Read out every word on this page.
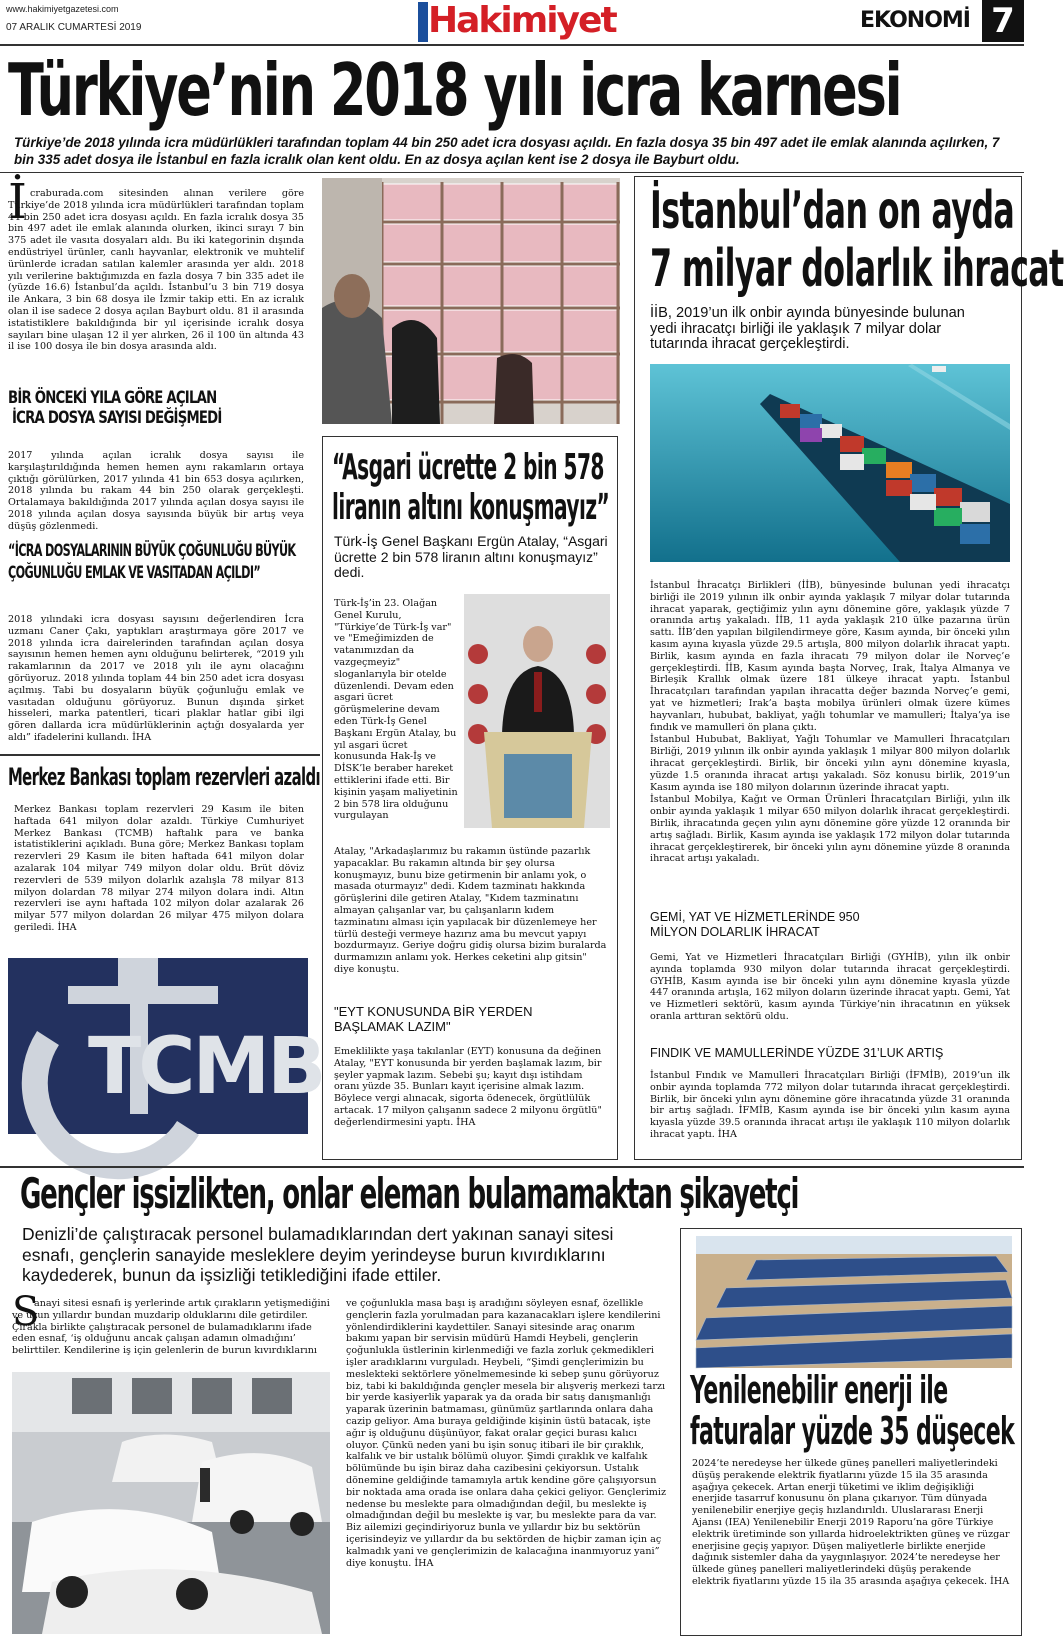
www.hakimiyetgazetesi.com
07 ARALIK CUMARTESİ 2019	Hakimiyet	EKONOMİ 7
Türkiye’nin 2018 yılı icra karnesi
Türkiye’de 2018 yılında icra müdürlükleri tarafından toplam 44 bin 250 adet icra dosyası açıldı. En fazla dosya 35 bin 497 adet ile emlak alanında açılırken, 7 bin 335 adet dosya ile İstanbul en fazla icralık olan kent oldu. En az dosya açılan kent ise 2 dosya ile Bayburt oldu.
İ craburada.com sitesinden alınan verilere göre Türkiye’de 2018 yılında icra müdürlükleri tarafından toplam 44 bin 250 adet icra dosyası açıldı. En fazla icralık dosya 35 bin 497 adet ile emlak alanında olurken, ikinci sırayı 7 bin 375 adet ile vasıta dosyaları aldı. Bu iki kategorinin dışında endüstriyel ürünler, canlı hayvanlar, elektronik ve muhtelif ürünlerde icradan satılan kalemler arasında yer aldı. 2018 yılı verilerine baktığımızda en fazla dosya 7 bin 335 adet ile (yüzde 16.6) İstanbul’da açıldı. İstanbul’u 3 bin 719 dosya ile Ankara, 3 bin 68 dosya ile İzmir takip etti. En az icralık olan il ise sadece 2 dosya açılan Bayburt oldu. 81 il arasında istatistiklere bakıldığında bir yıl içerisinde icralık dosya sayıları bine ulaşan 12 il yer alırken, 26 il 100 ün altında 43 il ise 100 dosya ile bin dosya arasında aldı.

BİR ÖNCEKİ YILA GÖRE AÇILAN
İCRA DOSYA SAYISI DEĞİŞMEDİ
2017 yılında açılan icralık dosya sayısı ile karşılaştırıldığında hemen hemen aynı rakamların ortaya çıktığı görülürken, 2017 yılında 41 bin 653 dosya açılırken, 2018 yılında bu rakam 44 bin 250 olarak gerçekleşti. Ortalamaya bakıldığında 2017 yılında açılan dosya sayısı ile 2018 yılında açılan dosya sayısında büyük bir artış veya düşüş gözlenmedi.
“İCRA DOSYALARININ BÜYÜK ÇOĞUNLUĞU BÜYÜK
ÇOĞUNLUĞU EMLAK VE VASITADAN AÇILDI”
2018 yılındaki icra dosyası sayısını değerlendiren İcra uzmanı Caner Çakı, yaptıkları araştırmaya göre 2017 ve 2018 yılında icra dairelerinden tarafından açılan dosya sayısının hemen hemen aynı olduğunu belirterek, “2019 yılı rakamlarının da 2017 ve 2018 yılı ile aynı olacağını görüyoruz. 2018 yılında toplam 44 bin 250 adet icra dosyası açılmış. Tabi bu dosyaların büyük çoğunluğu emlak ve vasıtadan olduğunu görüyoruz. Bunun dışında şirket hisseleri, marka patentleri, ticari plaklar hatlar gibi ilgi gören dallarda icra müdürlüklerinin açtığı dosyalarda yer aldı” ifadelerini kullandı. İHA
Merkez Bankası toplam rezervleri azaldı
Merkez Bankası toplam rezervleri 29 Kasım ile biten haftada 641 milyon dolar azaldı. Türkiye Cumhuriyet Merkez Bankası (TCMB) haftalık para ve banka istatistiklerini açıkladı. Buna göre; Merkez Bankası toplam rezervleri 29 Kasım ile biten haftada 641 milyon dolar azalarak 104 milyar 749 milyon dolar oldu. Brüt döviz rezervleri de 539 milyon dolarlık azalışla 78 milyar 813 milyon dolardan 78 milyar 274 milyon dolara indi. Altın rezervleri ise aynı haftada 102 milyon dolar azalarak 26 milyar 577 milyon dolardan 26 milyar 475 milyon dolara geriledi. İHA
TCMB
“Asgari ücrette 2 bin 578
liranın altını konuşmayız”
Türk-İş Genel Başkanı Ergün Atalay, “Asgari ücrette 2 bin 578 liranın altını konuşmayız” dedi.
Türk-İş’in 23. Olağan Genel Kurulu, "Türkiye’de Türk-İş var" ve "Emeğimizden de vatanımızdan da vazgeçmeyiz" sloganlarıyla bir otelde düzenlendi. Devam eden asgari ücret görüşmelerine devam eden Türk-İş Genel Başkanı Ergün Atalay, bu yıl asgari ücret konusunda Hak-İş ve DİSK’le beraber hareket ettiklerini ifade etti. Bir kişinin yaşam maliyetinin 2 bin 578 lira olduğunu vurgulayan
Atalay, "Arkadaşlarımız bu rakamın üstünde pazarlık yapacaklar. Bu rakamın altında bir şey olursa konuşmayız, bunu bize getirmenin bir anlamı yok, o masada oturmayız" dedi. Kıdem tazminatı hakkında görüşlerini dile getiren Atalay, "Kıdem tazminatını almayan çalışanlar var, bu çalışanların kıdem tazminatını alması için yapılacak bir düzenlemeye her türlü desteği vermeye hazırız ama bu mevcut yapıyı bozdurmayız. Geriye doğru gidiş olursa bizim buralarda durmamızın anlamı yok. Herkes ceketini alıp gitsin" diye konuştu.
"EYT KONUSUNDA BİR YERDEN BAŞLAMAK LAZIM"
Emeklilikte yaşa takılanlar (EYT) konusuna da değinen Atalay, "EYT konusunda bir yerden başlamak lazım, bir şeyler yapmak lazım. Sebebi şu; kayıt dışı istihdam oranı yüzde 35. Bunları kayıt içerisine almak lazım. Böylece vergi alınacak, sigorta ödenecek, örgütlülük artacak. 17 milyon çalışanın sadece 2 milyonu örgütlü" değerlendirmesini yaptı. İHA
İstanbul’dan on ayda
7 milyar dolarlık ihracat
İİB, 2019’un ilk onbir ayında bünyesinde bulunan yedi ihracatçı birliği ile yaklaşık 7 milyar dolar tutarında ihracat gerçekleştirdi.

İstanbul İhracatçı Birlikleri (İİB), bünyesinde bulunan yedi ihracatçı birliği ile 2019 yılının ilk onbir ayında yaklaşık 7 milyar dolar tutarında ihracat yaparak, geçtiğimiz yılın aynı dönemine göre, yaklaşık yüzde 7 oranında artış yakaladı. İİB, 11 ayda yaklaşık 210 ülke pazarına ürün sattı. İİB’den yapılan bilgilendirmeye göre, Kasım ayında, bir önceki yılın kasım ayına kıyasla yüzde 29.5 artışla, 800 milyon dolarlık ihracat yaptı. Birlik, kasım ayında en fazla ihracatı 79 milyon dolar ile Norveç’e gerçekleştirdi. İİB, Kasım ayında başta Norveç, Irak, İtalya Almanya ve Birleşik Krallık olmak üzere 181 ülkeye ihracat yaptı. İstanbul İhracatçıları tarafından yapılan ihracatta değer bazında Norveç’e gemi, yat ve hizmetleri; Irak’a başta mobilya ürünleri olmak üzere kümes hayvanları, hububat, bakliyat, yağlı tohumlar ve mamulleri; İtalya’ya ise fındık ve mamulleri ön plana çıktı.

İstanbul Hububat, Bakliyat, Yağlı Tohumlar ve Mamulleri İhracatçıları Birliği, 2019 yılının ilk onbir ayında yaklaşık 1 milyar 800 milyon dolarlık ihracat gerçekleştirdi. Birlik, bir önceki yılın aynı dönemine kıyasla, yüzde 1.5 oranında ihracat artışı yakaladı. Söz konusu birlik, 2019’un Kasım ayında ise 180 milyon dolarının üzerinde ihracat yaptı.

İstanbul Mobilya, Kağıt ve Orman Ürünleri İhracatçıları Birliği, yılın ilk onbir ayında yaklaşık 1 milyar 650 milyon dolarlık ihracat gerçekleştirdi. Birlik, ihracatında geçen yılın aynı dönemine göre yüzde 12 oranında bir artış sağladı. Birlik, Kasım ayında ise yaklaşık 172 milyon dolar tutarında ihracat gerçekleştirerek, bir önceki yılın aynı dönemine yüzde 8 oranında ihracat artışı yakaladı.

GEMİ, YAT VE HİZMETLERİNDE 950 MİLYON DOLARLIK İHRACAT
Gemi, Yat ve Hizmetleri İhracatçıları Birliği (GYHİB), yılın ilk onbir ayında toplamda 930 milyon dolar tutarında ihracat gerçekleştirdi. GYHİB, Kasım ayında ise bir önceki yılın aynı dönemine kıyasla yüzde 447 oranında artışla, 162 milyon doların üzerinde ihracat yaptı. Gemi, Yat ve Hizmetleri sektörü, kasım ayında Türkiye’nin ihracatının en yüksek oranla arttıran sektörü oldu.
FINDIK VE MAMULLERİNDE YÜZDE 31’LUK ARTIŞ
İstanbul Fındık ve Mamulleri İhracatçıları Birliği (İFMİB), 2019’un ilk onbir ayında toplamda 772 milyon dolar tutarında ihracat gerçekleştirdi. Birlik, bir önceki yılın aynı dönemine göre ihracatında yüzde 31 oranında bir artış sağladı. İFMİB, Kasım ayında ise bir önceki yılın kasım ayına kıyasla yüzde 39.5 oranında ihracat artışı ile yaklaşık 110 milyon dolarlık ihracat yaptı. İHA
Gençler işsizlikten, onlar eleman bulamamaktan şikayetçi
Denizli’de çalıştıracak personel bulamadıklarından dert yakınan sanayi sitesi esnafı, gençlerin sanayide mesleklere deyim yerindeyse burun kıvırdıklarını kaydederek, bunun da işsizliği tetiklediğini ifade ettiler.
S

anayi sitesi esnafı iş yerlerinde artık çırakların yetişmediğini ve uzun yıllardır bundan muzdarip olduklarını dile getirdiler. Çırakla birlikte çalıştıracak personel de bulamadıklarını ifade eden esnaf, ‘iş olduğunu ancak çalışan adamın olmadığını’ belirttiler. Kendilerine iş için gelenlerin de burun kıvırdıklarını

ve çoğunlukla masa başı iş aradığını söyleyen esnaf, özellikle gençlerin fazla yorulmadan para kazanacakları işlere kendilerini yönlendirdiklerini kaydettiler. Sanayi sitesinde araç onarım bakımı yapan bir servisin müdürü Hamdi Heybeli, gençlerin çoğunlukla üstlerinin kirlenmediği ve fazla zorluk çekmedikleri işler aradıklarını vurguladı. Heybeli, “Şimdi gençlerimizin bu meslekteki sektörlere yönelmemesinde ki sebep şunu görüyoruz biz, tabi ki bakıldığında gençler mesela bir alışveriş merkezi tarzı bir yerde kasiyerlik yaparak ya da orada bir satış danışmanlığı yaparak üzerinin batmaması, günümüz şartlarında onlara daha cazip geliyor. Ama buraya geldiğinde kişinin üstü batacak, işte ağır iş olduğunu düşünüyor, fakat oralar geçici burası kalıcı oluyor. Çünkü neden yani bu işin sonuç itibari ile bir çıraklık, kalfalık ve bir ustalık bölümü oluyor. Şimdi çıraklık ve kalfalık bölümünde bu işin biraz daha cazibesini çekiyorsun. Ustalık dönemine geldiğinde tamamıyla artık kendine göre çalışıyorsun bir noktada ama orada ise onlara daha çekici geliyor. Gençlerimiz nedense bu meslekte para olmadığından değil, bu meslekte iş olmadığından değil bu meslekte iş var, bu meslekte para da var. Biz ailemizi geçindiriyoruz bunla ve yıllardır biz bu sektörün içerisindeyiz ve yıllardır da bu sektörden de hiçbir zaman için aç kalmadık yani ve gençlerimizin de kalacağına inanmıyoruz yani” diye konuştu. İHA
Yenilenebilir enerji ile
faturalar yüzde 35 düşecek
2024’te neredeyse her ülkede güneş panelleri maliyetlerindeki düşüş perakende elektrik fiyatlarını yüzde 15 ila 35 arasında aşağıya çekecek. Artan enerji tüketimi ve iklim değişikliği enerjide tasarruf konusunu ön plana çıkarıyor. Tüm dünyada yenilenebilir enerjiye geçiş hızlandırıldı. Uluslararası Enerji Ajansı (IEA) Yenilenebilir Enerji 2019 Raporu’na göre Türkiye elektrik üretiminde son yıllarda hidroelektrikten güneş ve rüzgar enerjisine geçiş yapıyor. Düşen maliyetlerle birlikte enerjide dağınık sistemler daha da yaygınlaşıyor. 2024’te neredeyse her ülkede güneş panelleri maliyetlerindeki düşüş perakende elektrik fiyatlarını yüzde 15 ila 35 arasında aşağıya çekecek. İHA
